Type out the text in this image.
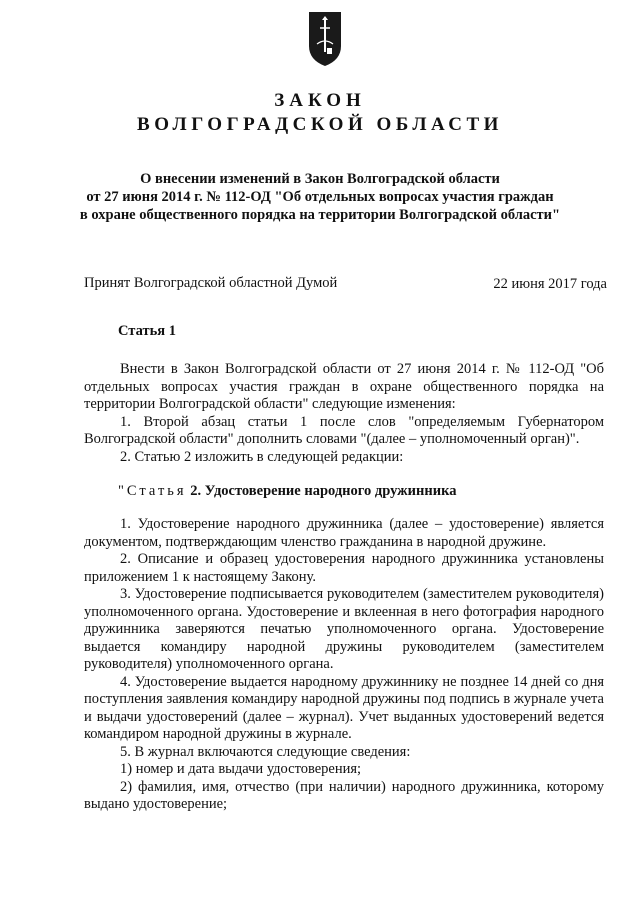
ЗАКОН
ВОЛГОГРАДСКОЙ ОБЛАСТИ
О внесении изменений в Закон Волгоградской области
от 27 июня 2014 г. № 112-ОД "Об отдельных вопросах участия граждан
в охране общественного порядка на территории Волгоградской области"
Принят Волгоградской областной Думой	22 июня 2017 года
Статья 1

Внести в Закон Волгоградской области от 27 июня 2014 г. № 112-ОД "Об отдельных вопросах участия граждан в охране общественного порядка на территории Волгоградской области" следующие изменения:

1. Второй абзац статьи 1 после слов "определяемым Губернатором Волгоградской области" дополнить словами "(далее – уполномоченный орган)".

2. Статью 2 изложить в следующей редакции:

"Статья 2. Удостоверение народного дружинника

1. Удостоверение народного дружинника (далее – удостоверение) является документом, подтверждающим членство гражданина в народной дружине.

2. Описание и образец удостоверения народного дружинника установлены приложением 1 к настоящему Закону.

3. Удостоверение подписывается руководителем (заместителем руководителя) уполномоченного органа. Удостоверение и вклеенная в него фотография народного дружинника заверяются печатью уполномоченного органа. Удостоверение выдается командиру народной дружины руководителем (заместителем руководителя) уполномоченного органа.

4. Удостоверение выдается народному дружиннику не позднее 14 дней со дня поступления заявления командиру народной дружины под подпись в журнале учета и выдачи удостоверений (далее – журнал). Учет выданных удостоверений ведется командиром народной дружины в журнале.

5. В журнал включаются следующие сведения:

1) номер и дата выдачи удостоверения;

2) фамилия, имя, отчество (при наличии) народного дружинника, которому выдано удостоверение;
